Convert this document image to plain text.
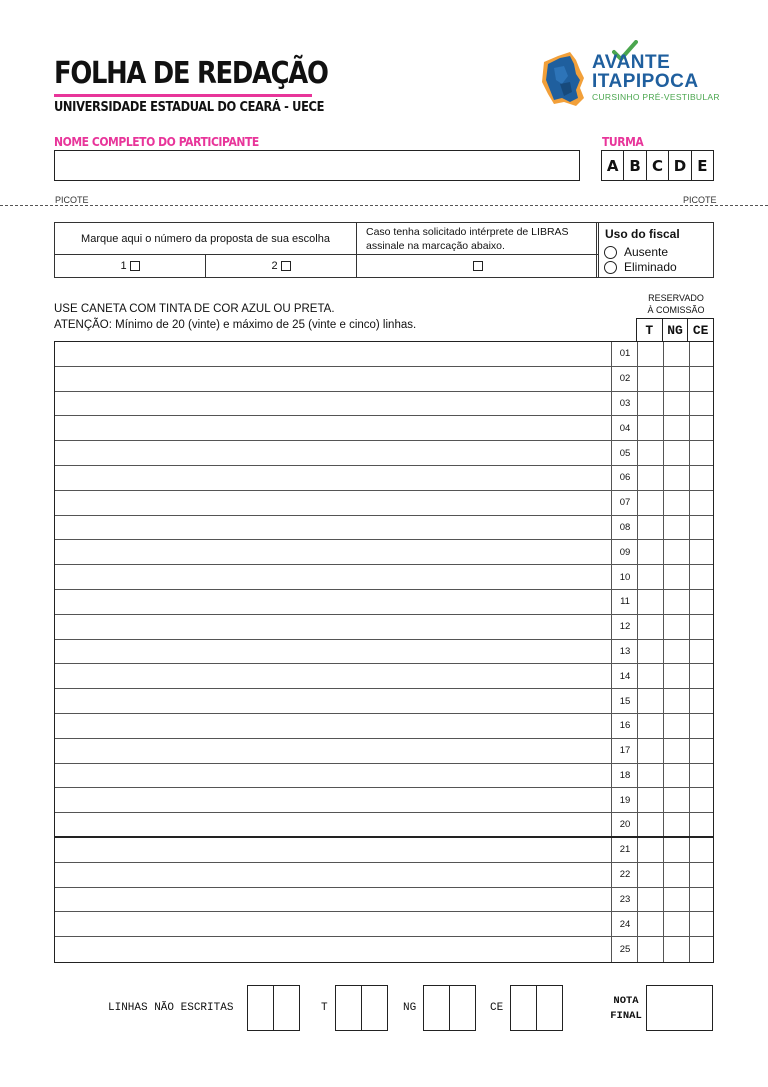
FOLHA DE REDAÇÃO
UNIVERSIDADE ESTADUAL DO CEARÁ - UECE
AVANTE
ITAPIPOCA
CURSINHO PRÉ-VESTIBULAR
NOME COMPLETO DO PARTICIPANTE	TURMA
A B C D E
PICOTE	PICOTE
Marque aqui o número da proposta de sua escolha
Caso tenha solicitado intérprete de LIBRAS assinale na marcação abaixo.
1	2
Uso do fiscal
Ausente
Eliminado
USE CANETA COM TINTA DE COR AZUL OU PRETA.
ATENÇÃO: Mínimo de 20 (vinte) e máximo de 25 (vinte e cinco) linhas.
RESERVADO
À COMISSÃO
T	NG CE
01
02
03
04
05
06
07
08
09
10
11
12
13
14
15
16
17
18
19
20
21
22
23
24
25
LINHAS NÃO ESCRITAS	T	NG	CE
NOTA
FINAL
